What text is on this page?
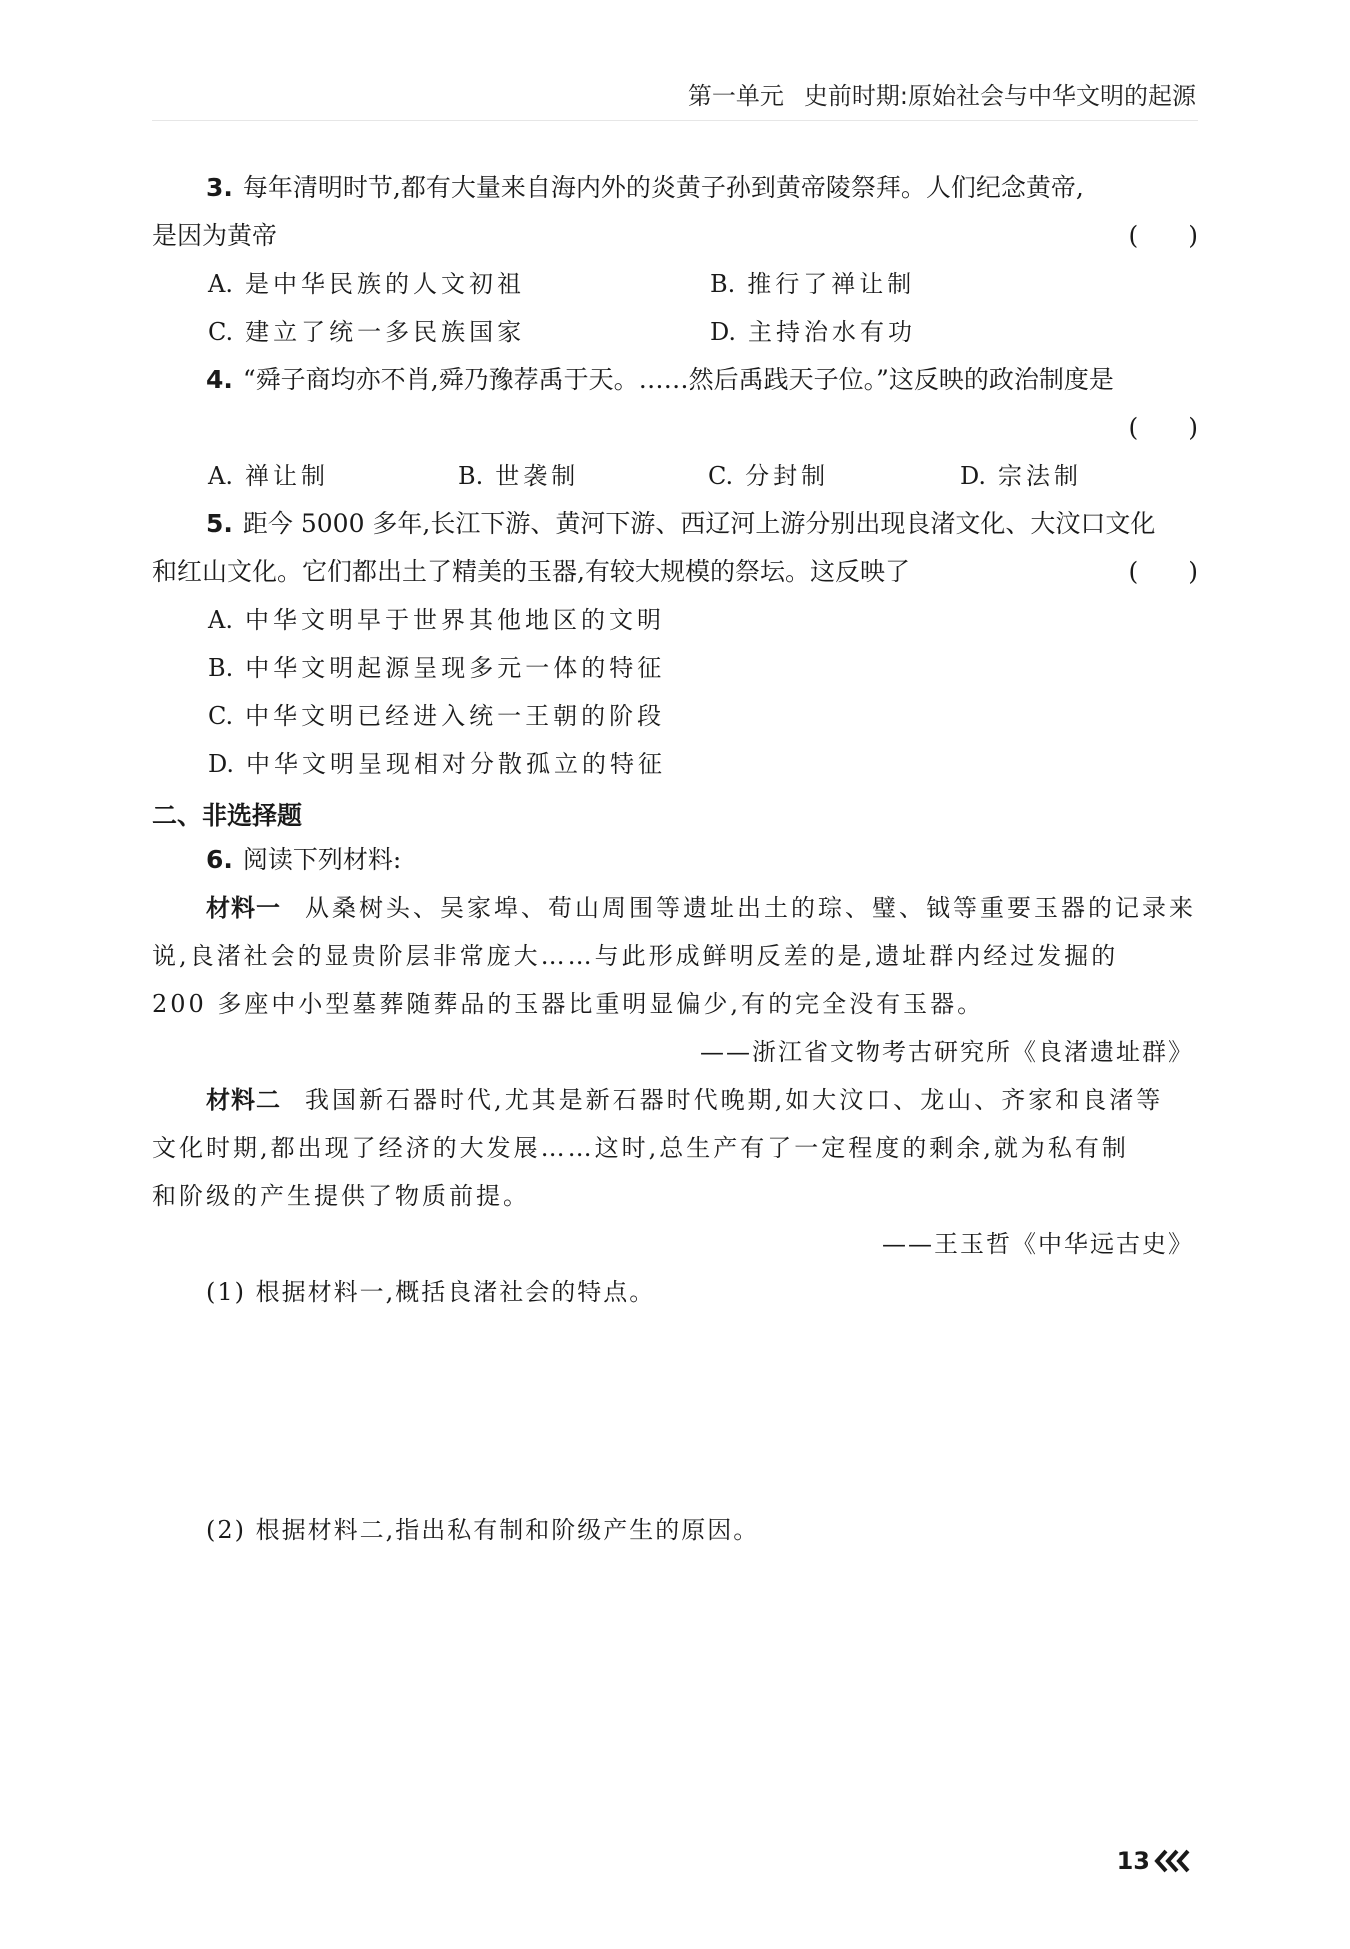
第一单元 史前时期:原始社会与中华文明的起源
3. 每年清明时节,都有大量来自海内外的炎黄子孙到黄帝陵祭拜。人们纪念黄帝,
是因为黄帝	(　　)
A. 是中华民族的人文初祖	B. 推行了禅让制
C. 建立了统一多民族国家	D. 主持治水有功
4. “舜子商均亦不肖,舜乃豫荐禹于天。……然后禹践天子位。”这反映的政治制度是
(　　)
A. 禅让制	B. 世袭制	C. 分封制	D. 宗法制
5. 距今 5000 多年,长江下游、黄河下游、西辽河上游分别出现良渚文化、大汶口文化
和红山文化。它们都出土了精美的玉器,有较大规模的祭坛。这反映了	(　　)
A. 中华文明早于世界其他地区的文明
B. 中华文明起源呈现多元一体的特征
C. 中华文明已经进入统一王朝的阶段
D. 中华文明呈现相对分散孤立的特征
二、非选择题
6. 阅读下列材料:
材料一 从桑树头、吴家埠、荀山周围等遗址出土的琮、璧、钺等重要玉器的记录来
说,良渚社会的显贵阶层非常庞大……与此形成鲜明反差的是,遗址群内经过发掘的
200 多座中小型墓葬随葬品的玉器比重明显偏少,有的完全没有玉器。
——浙江省文物考古研究所《良渚遗址群》
材料二 我国新石器时代,尤其是新石器时代晚期,如大汶口、龙山、齐家和良渚等
文化时期,都出现了经济的大发展……这时,总生产有了一定程度的剩余,就为私有制
和阶级的产生提供了物质前提。
——王玉哲《中华远古史》
(1) 根据材料一,概括良渚社会的特点。
(2) 根据材料二,指出私有制和阶级产生的原因。
13
